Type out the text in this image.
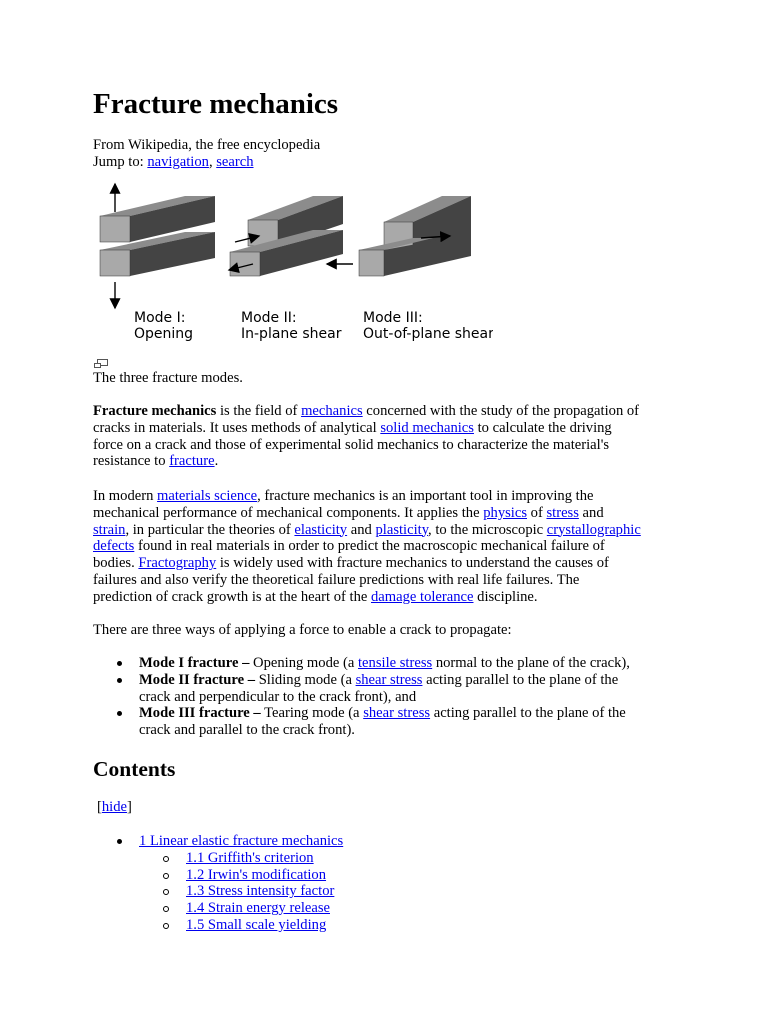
Fracture mechanics
From Wikipedia, the free encyclopedia
Jump to: navigation, search
Mode I:
Opening
Mode II:
In-plane shear
Mode III:
Out-of-plane shear
The three fracture modes.

Fracture mechanics is the field of mechanics concerned with the study of the propagation of
cracks in materials. It uses methods of analytical solid mechanics to calculate the driving
force on a crack and those of experimental solid mechanics to characterize the material's
resistance to fracture.

In modern materials science, fracture mechanics is an important tool in improving the
mechanical performance of mechanical components. It applies the physics of stress and
strain, in particular the theories of elasticity and plasticity, to the microscopic crystallographic
defects found in real materials in order to predict the macroscopic mechanical failure of
bodies. Fractography is widely used with fracture mechanics to understand the causes of
failures and also verify the theoretical failure predictions with real life failures. The
prediction of crack growth is at the heart of the damage tolerance discipline.

There are three ways of applying a force to enable a crack to propagate:

Mode I fracture – Opening mode (a tensile stress normal to the plane of the crack),
Mode II fracture – Sliding mode (a shear stress acting parallel to the plane of the
crack and perpendicular to the crack front), and
Mode III fracture – Tearing mode (a shear stress acting parallel to the plane of the
crack and parallel to the crack front).
Contents
[hide]
1 Linear elastic fracture mechanics
1.1 Griffith's criterion
1.2 Irwin's modification
1.3 Stress intensity factor
1.4 Strain energy release
1.5 Small scale yielding
